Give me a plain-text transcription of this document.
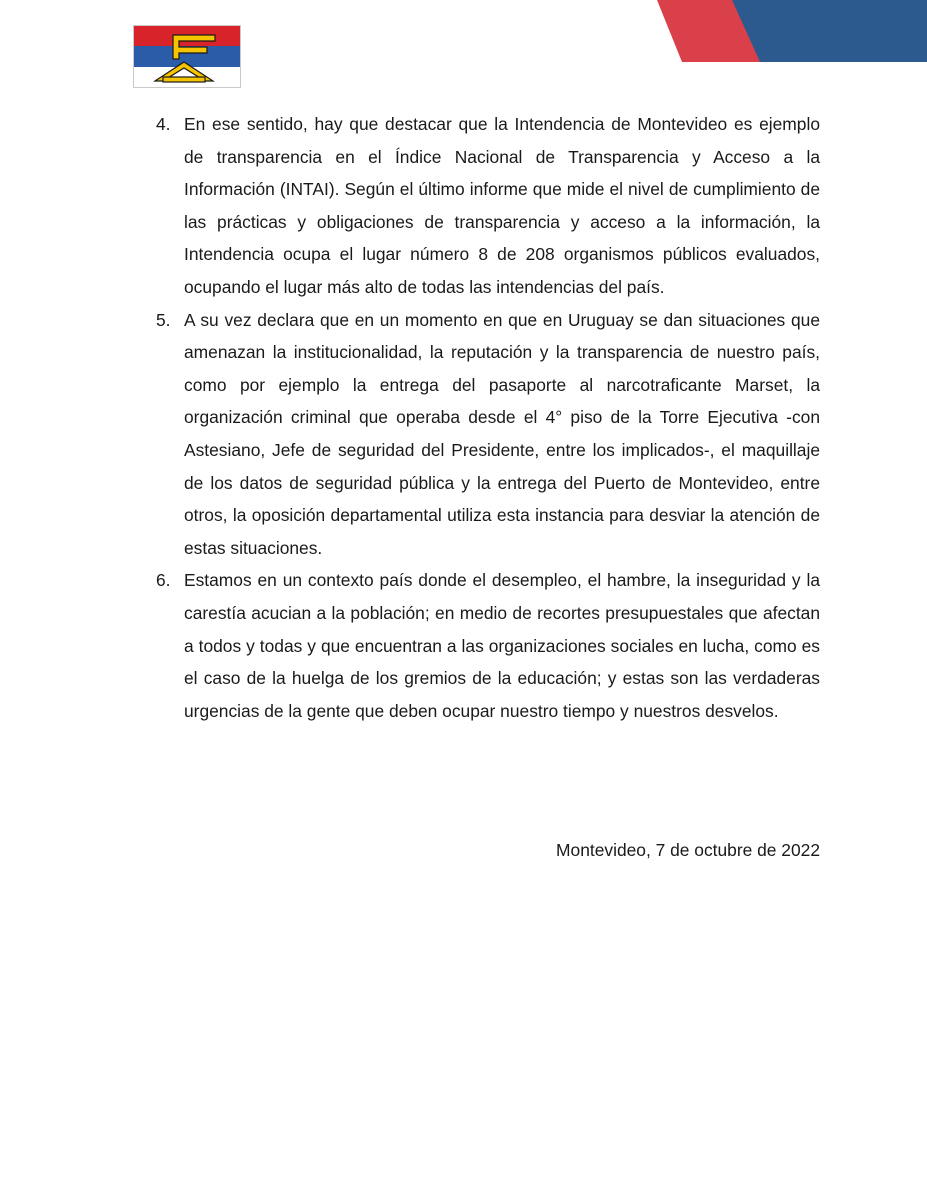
4. En ese sentido, hay que destacar que la Intendencia de Montevideo es ejemplo de transparencia en el Índice Nacional de Transparencia y Acceso a la Información (INTAI). Según el último informe que mide el nivel de cumplimiento de las prácticas y obligaciones de transparencia y acceso a la información, la Intendencia ocupa el lugar número 8 de 208 organismos públicos evaluados, ocupando el lugar más alto de todas las intendencias del país.
5. A su vez declara que en un momento en que en Uruguay se dan situaciones que amenazan la institucionalidad, la reputación y la transparencia de nuestro país, como por ejemplo la entrega del pasaporte al narcotraficante Marset, la organización criminal que operaba desde el 4° piso de la Torre Ejecutiva -con Astesiano, Jefe de seguridad del Presidente, entre los implicados-, el maquillaje de los datos de seguridad pública y la entrega del Puerto de Montevideo, entre otros, la oposición departamental utiliza esta instancia para desviar la atención de estas situaciones.
6. Estamos en un contexto país donde el desempleo, el hambre, la inseguridad y la carestía acucian a la población; en medio de recortes presupuestales que afectan a todos y todas y que encuentran a las organizaciones sociales en lucha, como es el caso de la huelga de los gremios de la educación; y estas son las verdaderas urgencias de la gente que deben ocupar nuestro tiempo y nuestros desvelos.
Montevideo, 7 de octubre de 2022
